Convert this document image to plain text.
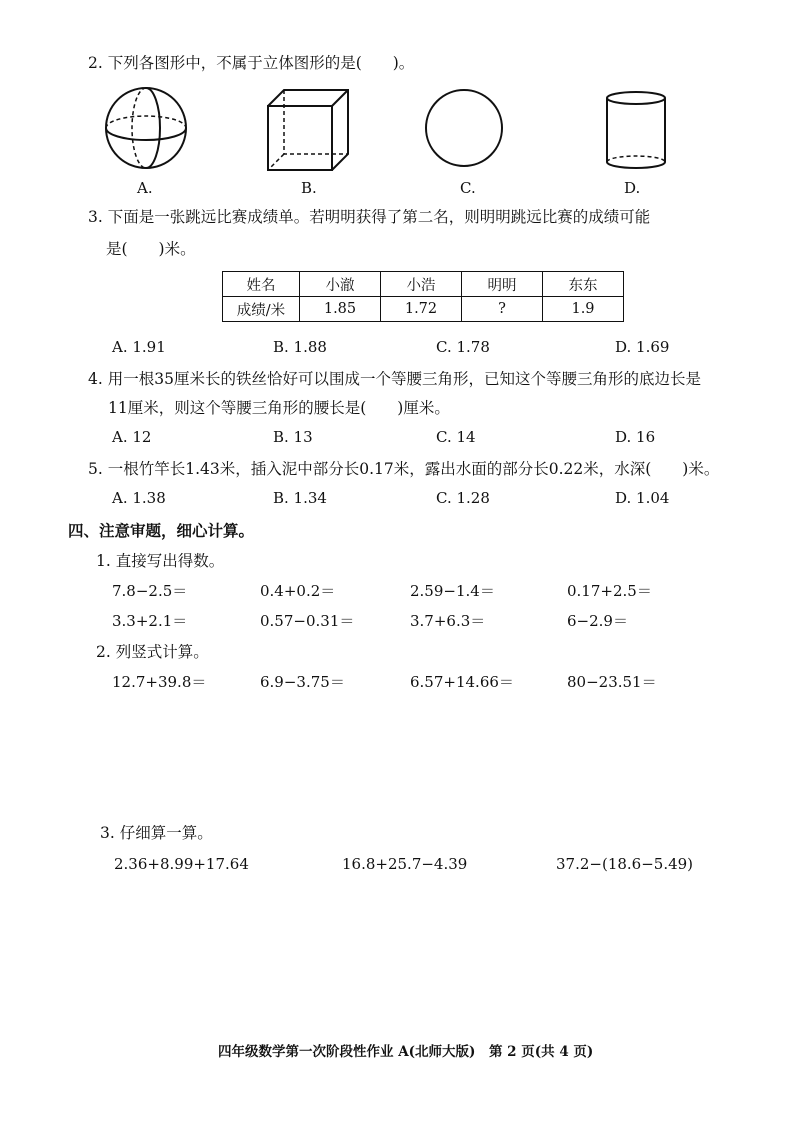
2. 下列各图形中，不属于立体图形的是(　　)。
A.	B.	C.	D.
3. 下面是一张跳远比赛成绩单。若明明获得了第二名，则明明跳远比赛的成绩可能
是(　　)米。
姓名	小澈	小浩	明明	东东
成绩/米	1.85	1.72	?	1.9
A. 1.91	B. 1.88	C. 1.78	D. 1.69
4. 用一根35厘米长的铁丝恰好可以围成一个等腰三角形，已知这个等腰三角形的底边长是
11厘米，则这个等腰三角形的腰长是(　　)厘米。
A. 12	B. 13	C. 14	D. 16
5. 一根竹竿长1.43米，插入泥中部分长0.17米，露出水面的部分长0.22米，水深(　　)米。
A. 1.38	B. 1.34	C. 1.28	D. 1.04
四、注意审题，细心计算。
1. 直接写出得数。
7.8−2.5＝	0.4+0.2＝	2.59−1.4＝	0.17+2.5＝
3.3+2.1＝	0.57−0.31＝	3.7+6.3＝	6−2.9＝
2. 列竖式计算。
12.7+39.8＝	6.9−3.75＝	6.57+14.66＝	80−23.51＝
3. 仔细算一算。
2.36+8.99+17.64	16.8+25.7−4.39	37.2−(18.6−5.49)
四年级数学第一次阶段性作业 A(北师大版)　第 2 页(共 4 页)
